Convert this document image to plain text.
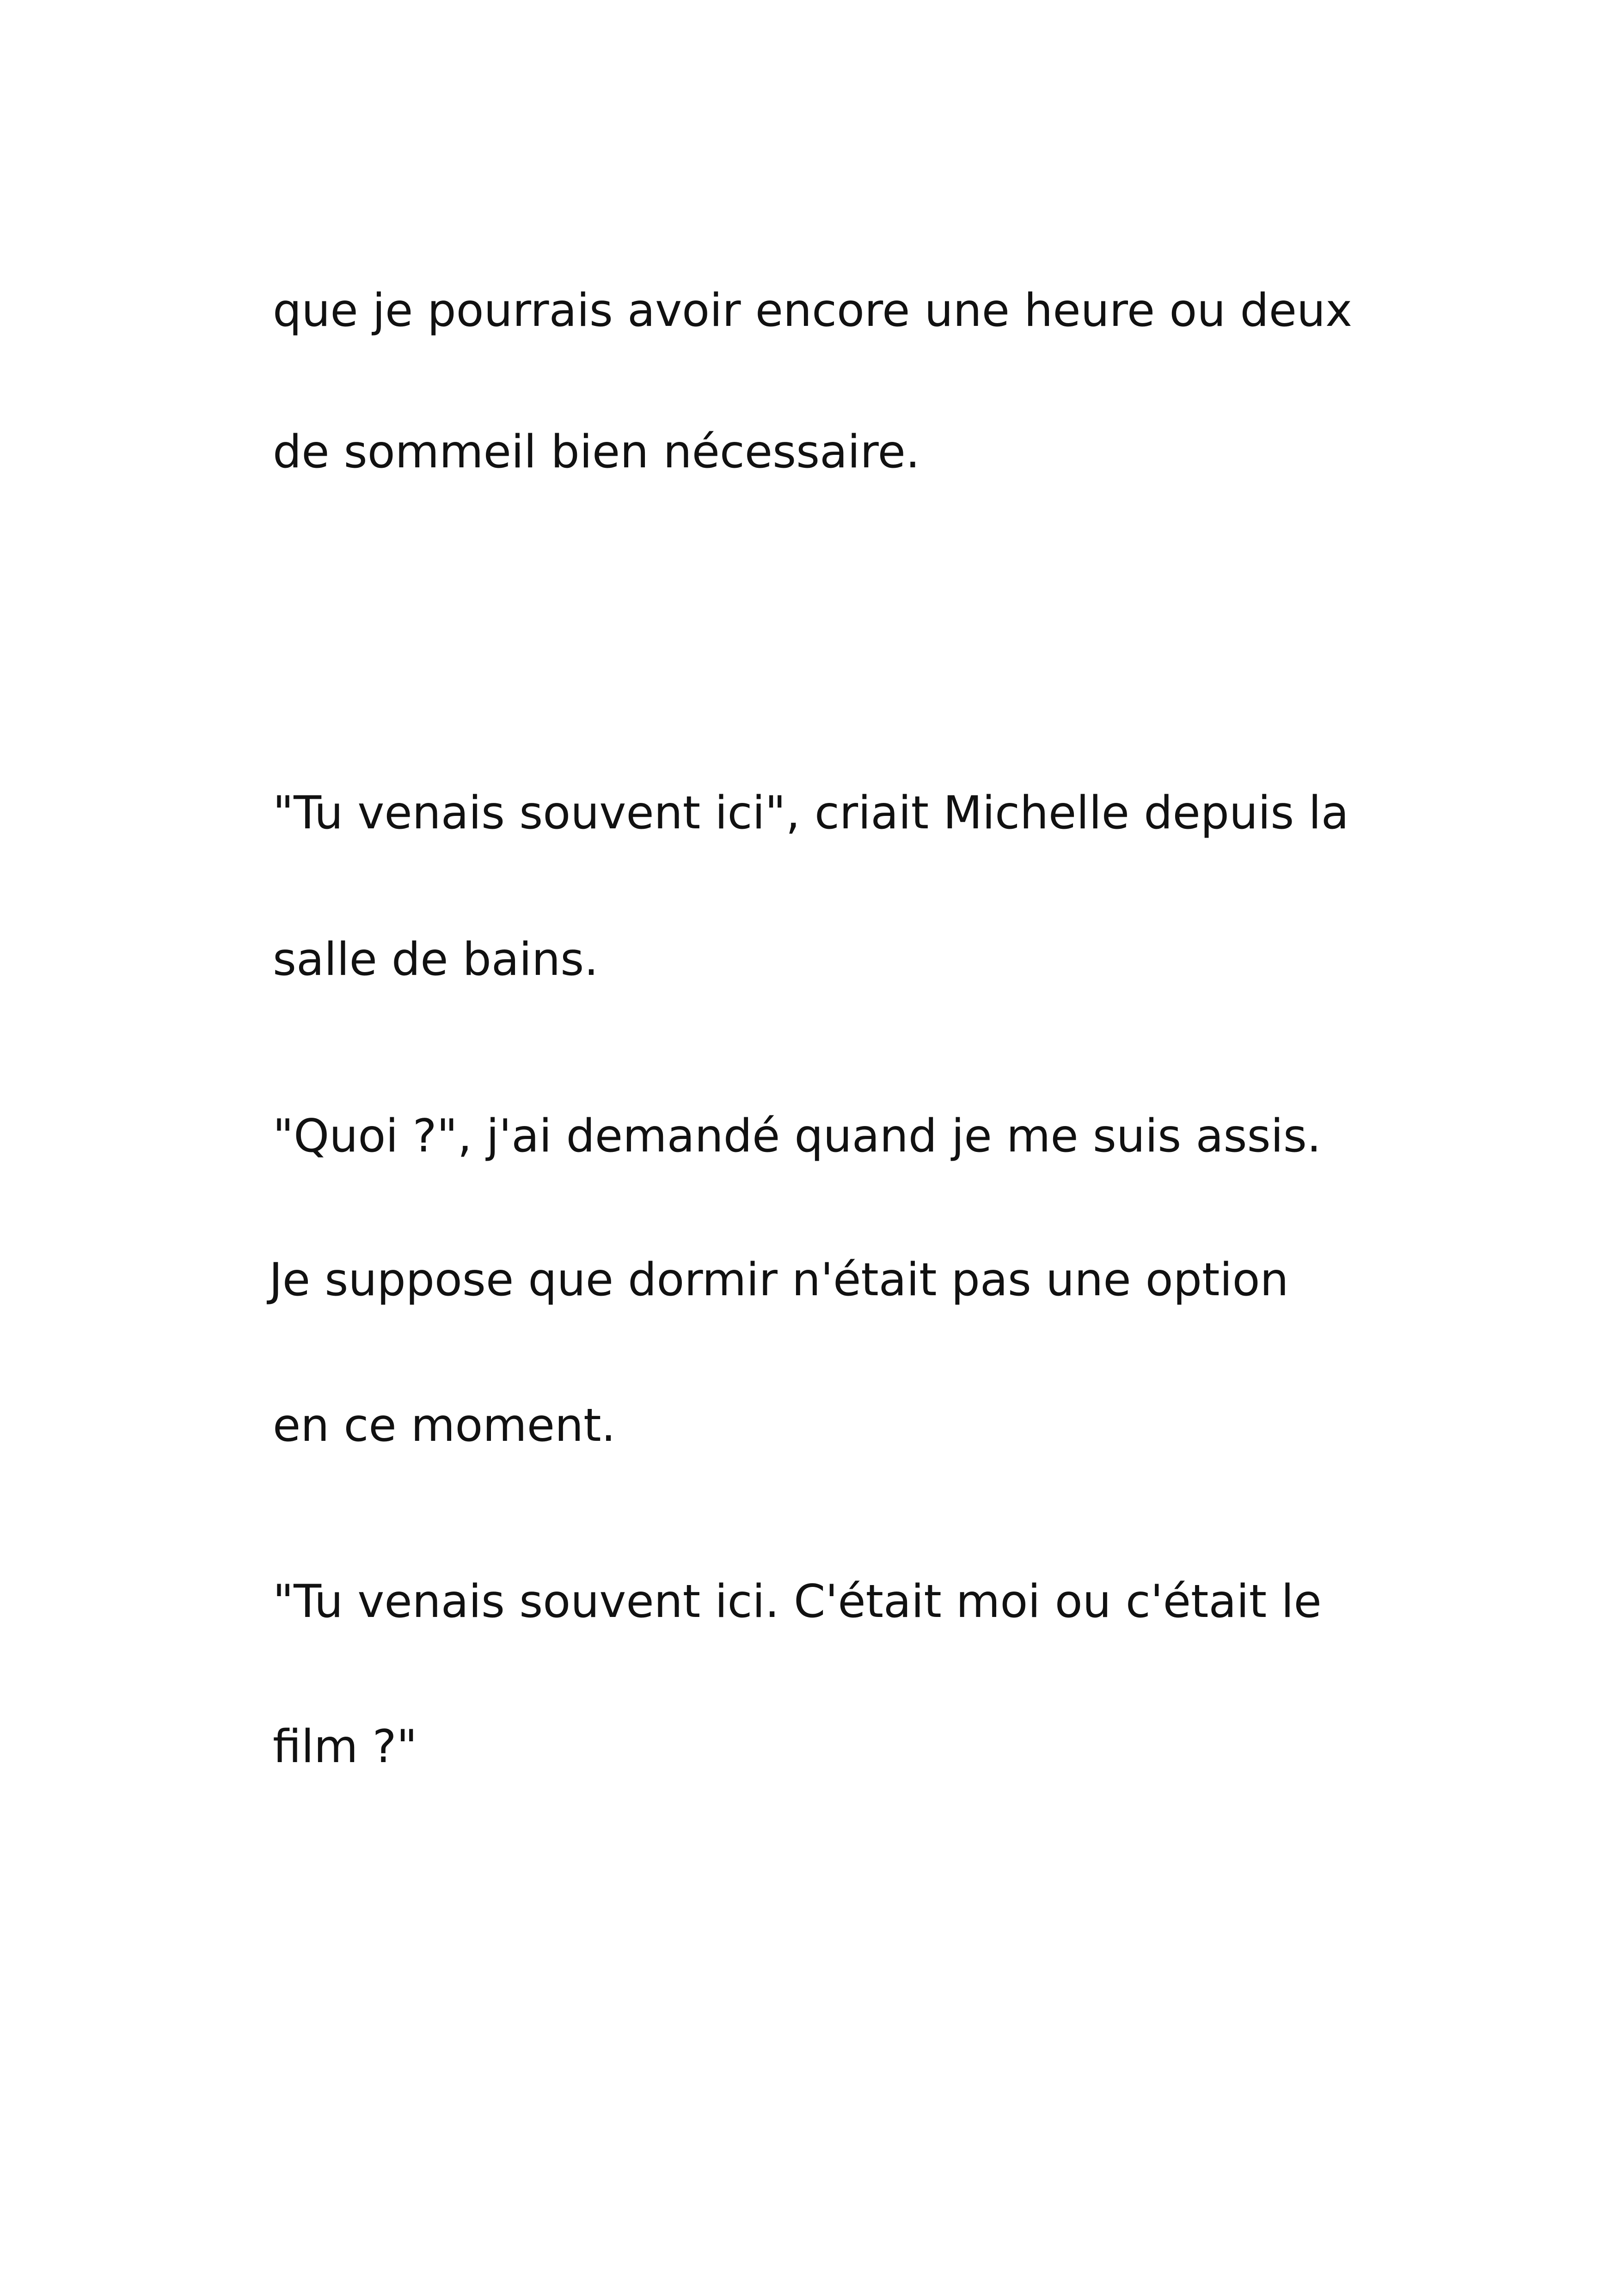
que je pourrais avoir encore une heure ou deux

de sommeil bien nécessaire.

"Tu venais souvent ici", criait Michelle depuis la

salle de bains.

"Quoi ?", j'ai demandé quand je me suis assis.

Je suppose que dormir n'était pas une option

en ce moment.

"Tu venais souvent ici. C'était moi ou c'était le

film ?"
